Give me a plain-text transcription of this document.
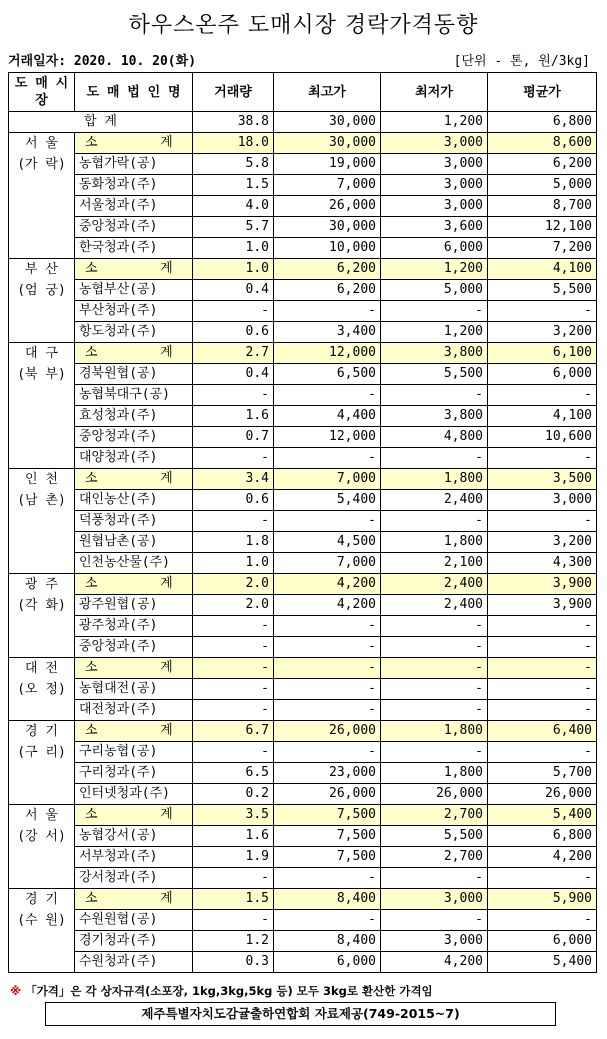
하우스온주 도매시장 경락가격동향
거래일자: 2020. 10. 20(화)	[단위 - 톤, 원/3kg]
도 매 시 장	도 매 법 인 명	거래량	최고가	최저가	평균가
합 계		38.8	30,000	1,200	6,800
서 울 (가 락)	소        계	18.0	30,000	3,000	8,600
	농협가락(공)	5.8	19,000	3,000	6,200
	동화청과(주)	1.5	7,000	3,000	5,000
	서울청과(주)	4.0	26,000	3,000	8,700
	중앙청과(주)	5.7	30,000	3,600	12,100
	한국청과(주)	1.0	10,000	6,000	7,200
부 산 (엄 궁)	소        계	1.0	6,200	1,200	4,100
	농협부산(공)	0.4	6,200	5,000	5,500
	부산청과(주)	-	-	-	-
	항도청과(주)	0.6	3,400	1,200	3,200
대 구 (북 부)	소        계	2.7	12,000	3,800	6,100
	경북원협(공)	0.4	6,500	5,500	6,000
	농협북대구(공)	-	-	-	-
	효성청과(주)	1.6	4,400	3,800	4,100
	중앙청과(주)	0.7	12,000	4,800	10,600
	대양청과(주)	-	-	-	-
인 천 (남 촌)	소        계	3.4	7,000	1,800	3,500
	대인농산(주)	0.6	5,400	2,400	3,000
	덕풍청과(주)	-	-	-	-
	원협남촌(공)	1.8	4,500	1,800	3,200
	인천농산물(주)	1.0	7,000	2,100	4,300
광 주 (각 화)	소        계	2.0	4,200	2,400	3,900
	광주원협(공)	2.0	4,200	2,400	3,900
	광주청과(주)	-	-	-	-
	중앙청과(주)	-	-	-	-
대 전 (오 정)	소        계	-	-	-	-
	농협대전(공)	-	-	-	-
	대전청과(주)	-	-	-	-
경 기 (구 리)	소        계	6.7	26,000	1,800	6,400
	구리농협(공)	-	-	-	-
	구리청과(주)	6.5	23,000	1,800	5,700
	인터넷청과(주)	0.2	26,000	26,000	26,000
서 울 (강 서)	소        계	3.5	7,500	2,700	5,400
	농협강서(공)	1.6	7,500	5,500	6,800
	서부청과(주)	1.9	7,500	2,700	4,200
	강서청과(주)	-	-	-	-
경 기 (수 원)	소        계	1.5	8,400	3,000	5,900
	수원원협(공)	-	-	-	-
	경기청과(주)	1.2	8,400	3,000	6,000
	수원청과(주)	0.3	6,000	4,200	5,400
※ 「가격」은 각 상자규격(소포장, 1kg,3kg,5kg 등) 모두 3kg로 환산한 가격임
제주특별자치도감귤출하연합회 자료제공(749-2015~7)
